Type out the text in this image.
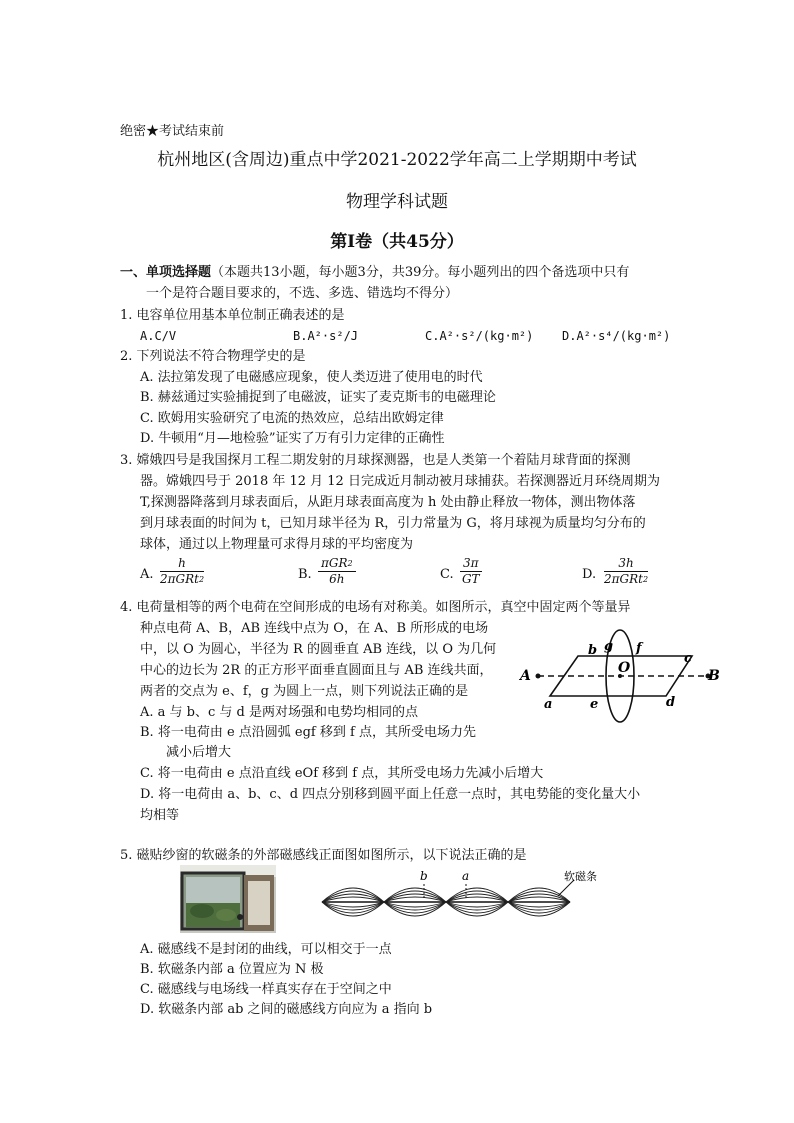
绝密★考试结束前
杭州地区(含周边)重点中学2021-2022学年高二上学期期中考试
物理学科试题
第Ⅰ卷（共45分）
一、单项选择题（本题共13小题，每小题3分，共39分。每小题列出的四个备选项中只有
一个是符合题目要求的，不选、多选、错选均不得分）
1. 电容单位用基本单位制正确表述的是
A.C/V	B.A²·s²/J	C.A²·s²/(kg·m²) D.A²·s⁴/(kg·m²)
2. 下列说法不符合物理学史的是
A. 法拉第发现了电磁感应现象，使人类迈进了使用电的时代
B. 赫兹通过实验捕捉到了电磁波，证实了麦克斯韦的电磁理论
C. 欧姆用实验研究了电流的热效应，总结出欧姆定律
D. 牛顿用“月—地检验”证实了万有引力定律的正确性
3. 嫦娥四号是我国探月工程二期发射的月球探测器，也是人类第一个着陆月球背面的探测
器。嫦娥四号于 2018 年 12 月 12 日完成近月制动被月球捕获。若探测器近月环绕周期为
T,探测器降落到月球表面后，从距月球表面高度为 h 处由静止释放一物体，测出物体落
到月球表面的时间为 t，已知月球半径为 R，引力常量为 G，将月球视为质量均匀分布的
球体，通过以上物理量可求得月球的平均密度为
A.
h
2πGRt$^2$	B.
πGR$^2$
6h	C. $\frac{3\pi}{GT}$	D.
3h
2πGRt$^2$
4. 电荷量相等的两个电荷在空间形成的电场有对称美。如图所示，真空中固定两个等量异
种点电荷 A、B，AB 连线中点为 O，在 A、B 所形成的电场
中，以 O 为圆心，半径为 R 的圆垂直 AB 连线，以 O 为几何
中心的边长为 2R 的正方形平面垂直圆面且与 AB 连线共面，
两者的交点为 e、f，g 为圆上一点，则下列说法正确的是
A. a 与 b、c 与 d 是两对场强和电势均相同的点
B. 将一电荷由 e 点沿圆弧 egf 移到 f 点，其所受电场力先
减小后增大
C. 将一电荷由 e 点沿直线 eOf 移到 f 点，其所受电场力先减小后增大
D. 将一电荷由 a、b、c、d 四点分别移到圆平面上任意一点时，其电势能的变化量大小
均相等
A	B
O
a
b
c
d
e
f
g
5. 磁贴纱窗的软磁条的外部磁感线正面图如图所示，以下说法正确的是
b	a	软磁条
A. 磁感线不是封闭的曲线，可以相交于一点
B. 软磁条内部 a 位置应为 N 极
C. 磁感线与电场线一样真实存在于空间之中
D. 软磁条内部 ab 之间的磁感线方向应为 a 指向 b
